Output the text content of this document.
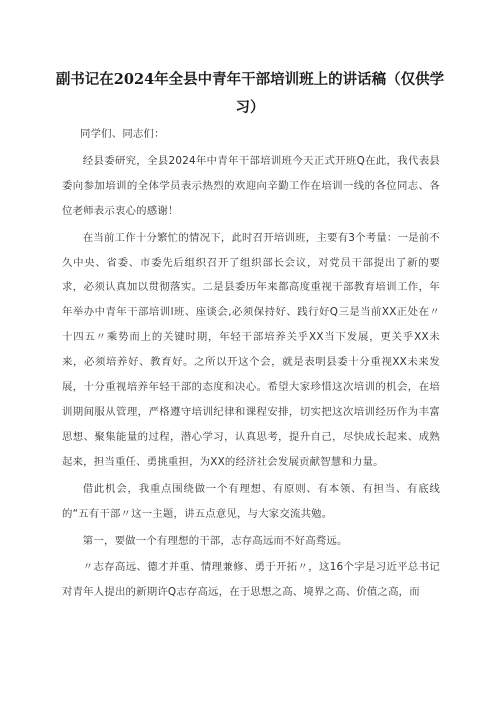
副书记在2024年全县中青年干部培训班上的讲话稿（仅供学
习）

同学们、同志们：

经县委研究，全县2024年中青年干部培训班今天正式开班Q在此，我代表县委向参加培训的全体学员表示热烈的欢迎向辛勤工作在培训一线的各位同志、各位老师表示衷心的感谢！

在当前工作十分繁忙的情况下，此时召开培训班，主要有3个考量：一是前不久中央、省委、市委先后组织召开了组织部长会议，对党员干部提出了新的要求，必须认真加以贯彻落实。二是县委历年来都高度重视干部教育培训工作，年年举办中青年干部培训l班、座谈会,必须保持好、践行好Q三是当前XX正处在〃十四五〃乘势而上的关键时期，年轻干部培养关乎XX当下发展，更关乎XX未来，必须培养好、教育好。之所以开这个会，就是表明县委十分重视XX未来发展，十分重视培养年轻干部的态度和决心。希望大家珍惜这次培训的机会，在培训期间服从管理，严格遵守培训纪律和课程安排，切实把这次培训经历作为丰富思想、聚集能量的过程，潜心学习，认真思考，提升自己，尽快成长起来、成熟起来，担当重任、勇挑重担，为XX的经济社会发展贡献智慧和力量。

借此机会，我重点围绕做一个有理想、有原则、有本领、有担当、有底线的“五有干部〃这一主题，讲五点意见，与大家交流共勉。

第一，要做一个有理想的干部，志存高远而不好高骛远。

〃志存高远、德才并重、情理兼修、勇于开拓〃，这16个字是习近平总书记对青年人提出的新期许Q志存高远，在于思想之高、境界之高、价值之高，而
